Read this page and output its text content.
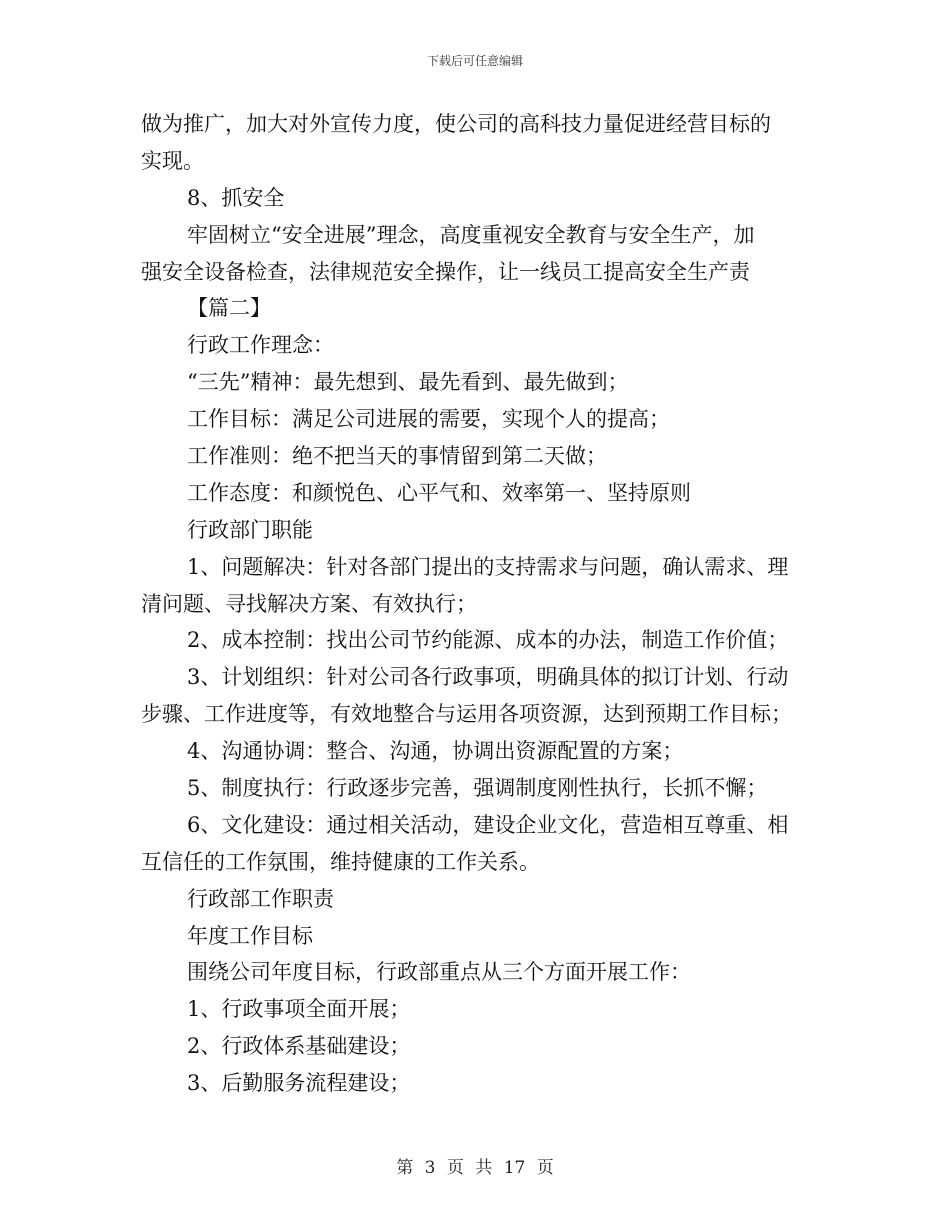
下载后可任意编辑
做为推广，加大对外宣传力度，使公司的高科技力量促进经营目标的
实现。
8、抓安全
牢固树立“安全进展”理念，高度重视安全教育与安全生产，加
强安全设备检查，法律规范安全操作，让一线员工提高安全生产责
【篇二】
行政工作理念：
“三先”精神：最先想到、最先看到、最先做到；
工作目标：满足公司进展的需要，实现个人的提高；
工作准则：绝不把当天的事情留到第二天做；
工作态度：和颜悦色、心平气和、效率第一、坚持原则
行政部门职能
1、问题解决：针对各部门提出的支持需求与问题，确认需求、理
清问题、寻找解决方案、有效执行；
2、成本控制：找出公司节约能源、成本的办法，制造工作价值；
3、计划组织：针对公司各行政事项，明确具体的拟订计划、行动
步骤、工作进度等，有效地整合与运用各项资源，达到预期工作目标；
4、沟通协调：整合、沟通，协调出资源配置的方案；
5、制度执行：行政逐步完善，强调制度刚性执行，长抓不懈；
6、文化建设：通过相关活动，建设企业文化，营造相互尊重、相
互信任的工作氛围，维持健康的工作关系。
行政部工作职责
年度工作目标
围绕公司年度目标，行政部重点从三个方面开展工作：
1、行政事项全面开展；
2、行政体系基础建设；
3、后勤服务流程建设；
第 3 页 共 17 页
